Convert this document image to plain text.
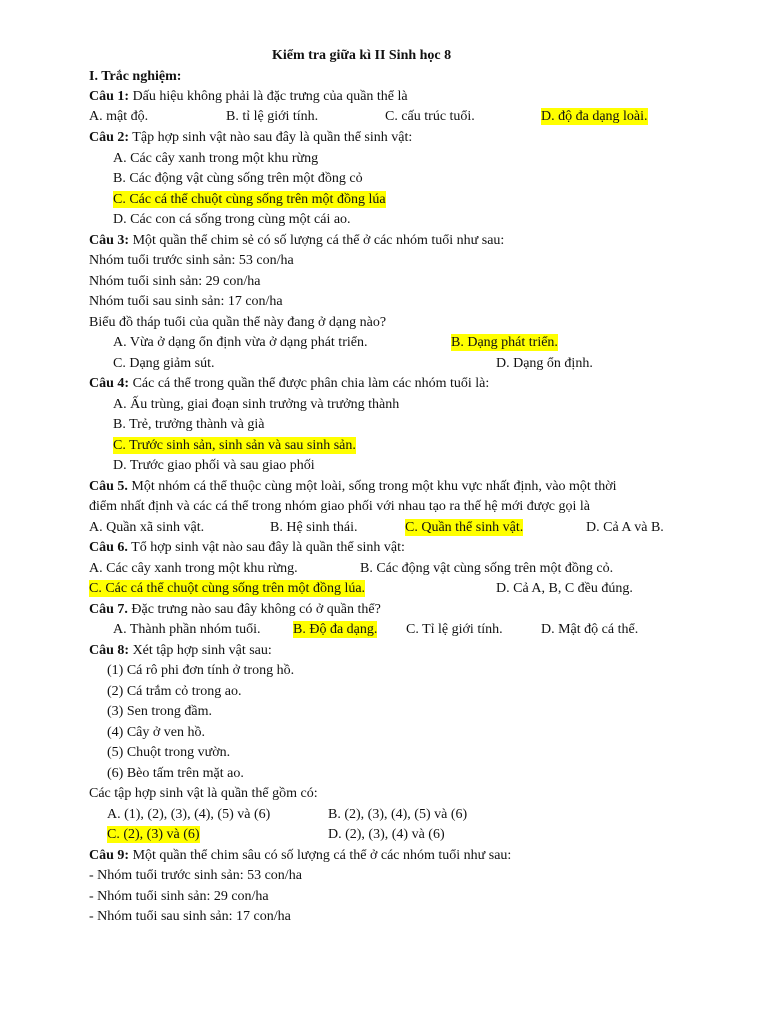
Kiểm tra giữa kì II Sinh học 8
I. Trắc nghiệm:
Câu 1: Dấu hiệu không phải là đặc trưng của quần thể là
A. mật độ.	B. tỉ lệ giới tính.	C. cấu trúc tuổi.	D. độ đa dạng loài.
Câu 2: Tập hợp sinh vật nào sau đây là quần thể sinh vật:
A. Các cây xanh trong một khu rừng
B. Các động vật cùng sống trên một đồng cỏ
C. Các cá thể chuột cùng sống trên một đồng lúa
D. Các con cá sống trong cùng một cái ao.
Câu 3: Một quần thể chim sẻ có số lượng cá thể ở các nhóm tuổi như sau:
Nhóm tuổi trước sinh sản: 53 con/ha
Nhóm tuổi sinh sản: 29 con/ha
Nhóm tuổi sau sinh sản: 17 con/ha
Biểu đồ tháp tuổi của quần thể này đang ở dạng nào?
A. Vừa ở dạng ổn định vừa ở dạng phát triển.	B. Dạng phát triển.
C. Dạng giảm sút.	D. Dạng ổn định.
Câu 4: Các cá thể trong quần thể được phân chia làm các nhóm tuổi là:
A. Ấu trùng, giai đoạn sinh trưởng và trưởng thành
B. Trẻ, trưởng thành và già
C. Trước sinh sản, sinh sản và sau sinh sản.
D. Trước giao phối và sau giao phối
Câu 5. Một nhóm cá thể thuộc cùng một loài, sống trong một khu vực nhất định, vào một thời
điểm nhất định và các cá thể trong nhóm giao phối với nhau tạo ra thế hệ mới được gọi là
A. Quần xã sinh vật.	B. Hệ sinh thái.	C. Quần thể sinh vật.	D. Cả A và B.
Câu 6. Tổ hợp sinh vật nào sau đây là quần thể sinh vật:
A. Các cây xanh trong một khu rừng.	B. Các động vật cùng sống trên một đồng cỏ.
C. Các cá thể chuột cùng sống trên một đồng lúa.	D. Cả A, B, C đều đúng.
Câu 7. Đặc trưng nào sau đây không có ở quần thể?
A. Thành phần nhóm tuổi. B. Độ đa dạng. C. Tỉ lệ giới tính.	D. Mật độ cá thể.
Câu 8: Xét tập hợp sinh vật sau:
(1) Cá rô phi đơn tính ở trong hồ.
(2) Cá trắm cỏ trong ao.
(3) Sen trong đầm.
(4) Cây ở ven hồ.
(5) Chuột trong vườn.
(6) Bèo tấm trên mặt ao.
Các tập hợp sinh vật là quần thể gồm có:
A. (1), (2), (3), (4), (5) và (6)	B. (2), (3), (4), (5) và (6)
C. (2), (3) và (6)	D. (2), (3), (4) và (6)
Câu 9: Một quần thể chim sâu có số lượng cá thể ở các nhóm tuổi như sau:
- Nhóm tuổi trước sinh sản: 53 con/ha
- Nhóm tuổi sinh sản: 29 con/ha
- Nhóm tuổi sau sinh sản: 17 con/ha
